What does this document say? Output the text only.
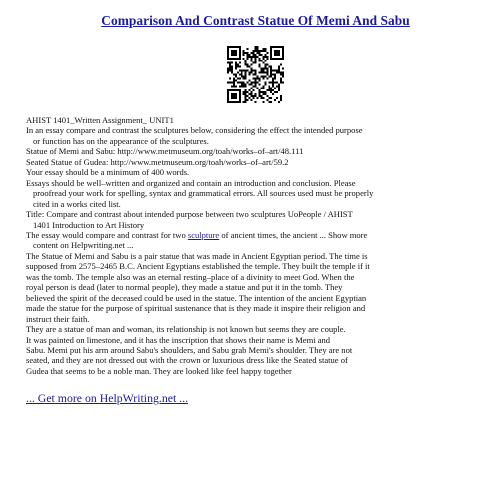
Comparison And Contrast Statue Of Memi And Sabu

AHIST 1401_Written Assignment_ UNIT1

In an essay compare and contrast the sculptures below, considering the effect the intended purpose

or function has on the appearance of the sculptures.

Statue of Memi and Sabu: http://www.metmuseum.org/toah/works–of–art/48.111

Seated Statue of Gudea: http://www.metmuseum.org/toah/works–of–art/59.2

Your essay should be a minimum of 400 words.

Essays should be well–written and organized and contain an introduction and conclusion. Please

proofread your work for spelling, syntax and grammatical errors. All sources used must be properly

cited in a works cited list.

Title: Compare and contrast about intended purpose between two sculptures UoPeople / AHIST

1401 Introduction to Art History

The essay would compare and contrast for two sculpture of ancient times, the ancient ... Show more

content on Helpwriting.net ...

The Statue of Memi and Sabu is a pair statue that was made in Ancient Egyptian period. The time is

supposed from 2575–2465 B.C. Ancient Egyptians established the temple. They built the temple if it

was the tomb. The temple also was an eternal resting–place of a divinity to meet God. When the

royal person is dead (later to normal people), they made a statue and put it in the tomb. They

believed the spirit of the deceased could be used in the statue. The intention of the ancient Egyptian

made the statue for the purpose of spiritual sustenance that is they made it inspire their religion and

instruct their faith.

They are a statue of man and woman, its relationship is not known but seems they are couple.

It was painted on limestone, and it has the inscription that shows their name is Memi and

Sabu. Memi put his arm around Sabu's shoulders, and Sabu grab Memi's shoulder. They are not

seated, and they are not dressed out with the crown or luxurious dress like the Seated statue of

Gudea that seems to be a noble man. They are looked like feel happy together

... Get more on HelpWriting.net ...
